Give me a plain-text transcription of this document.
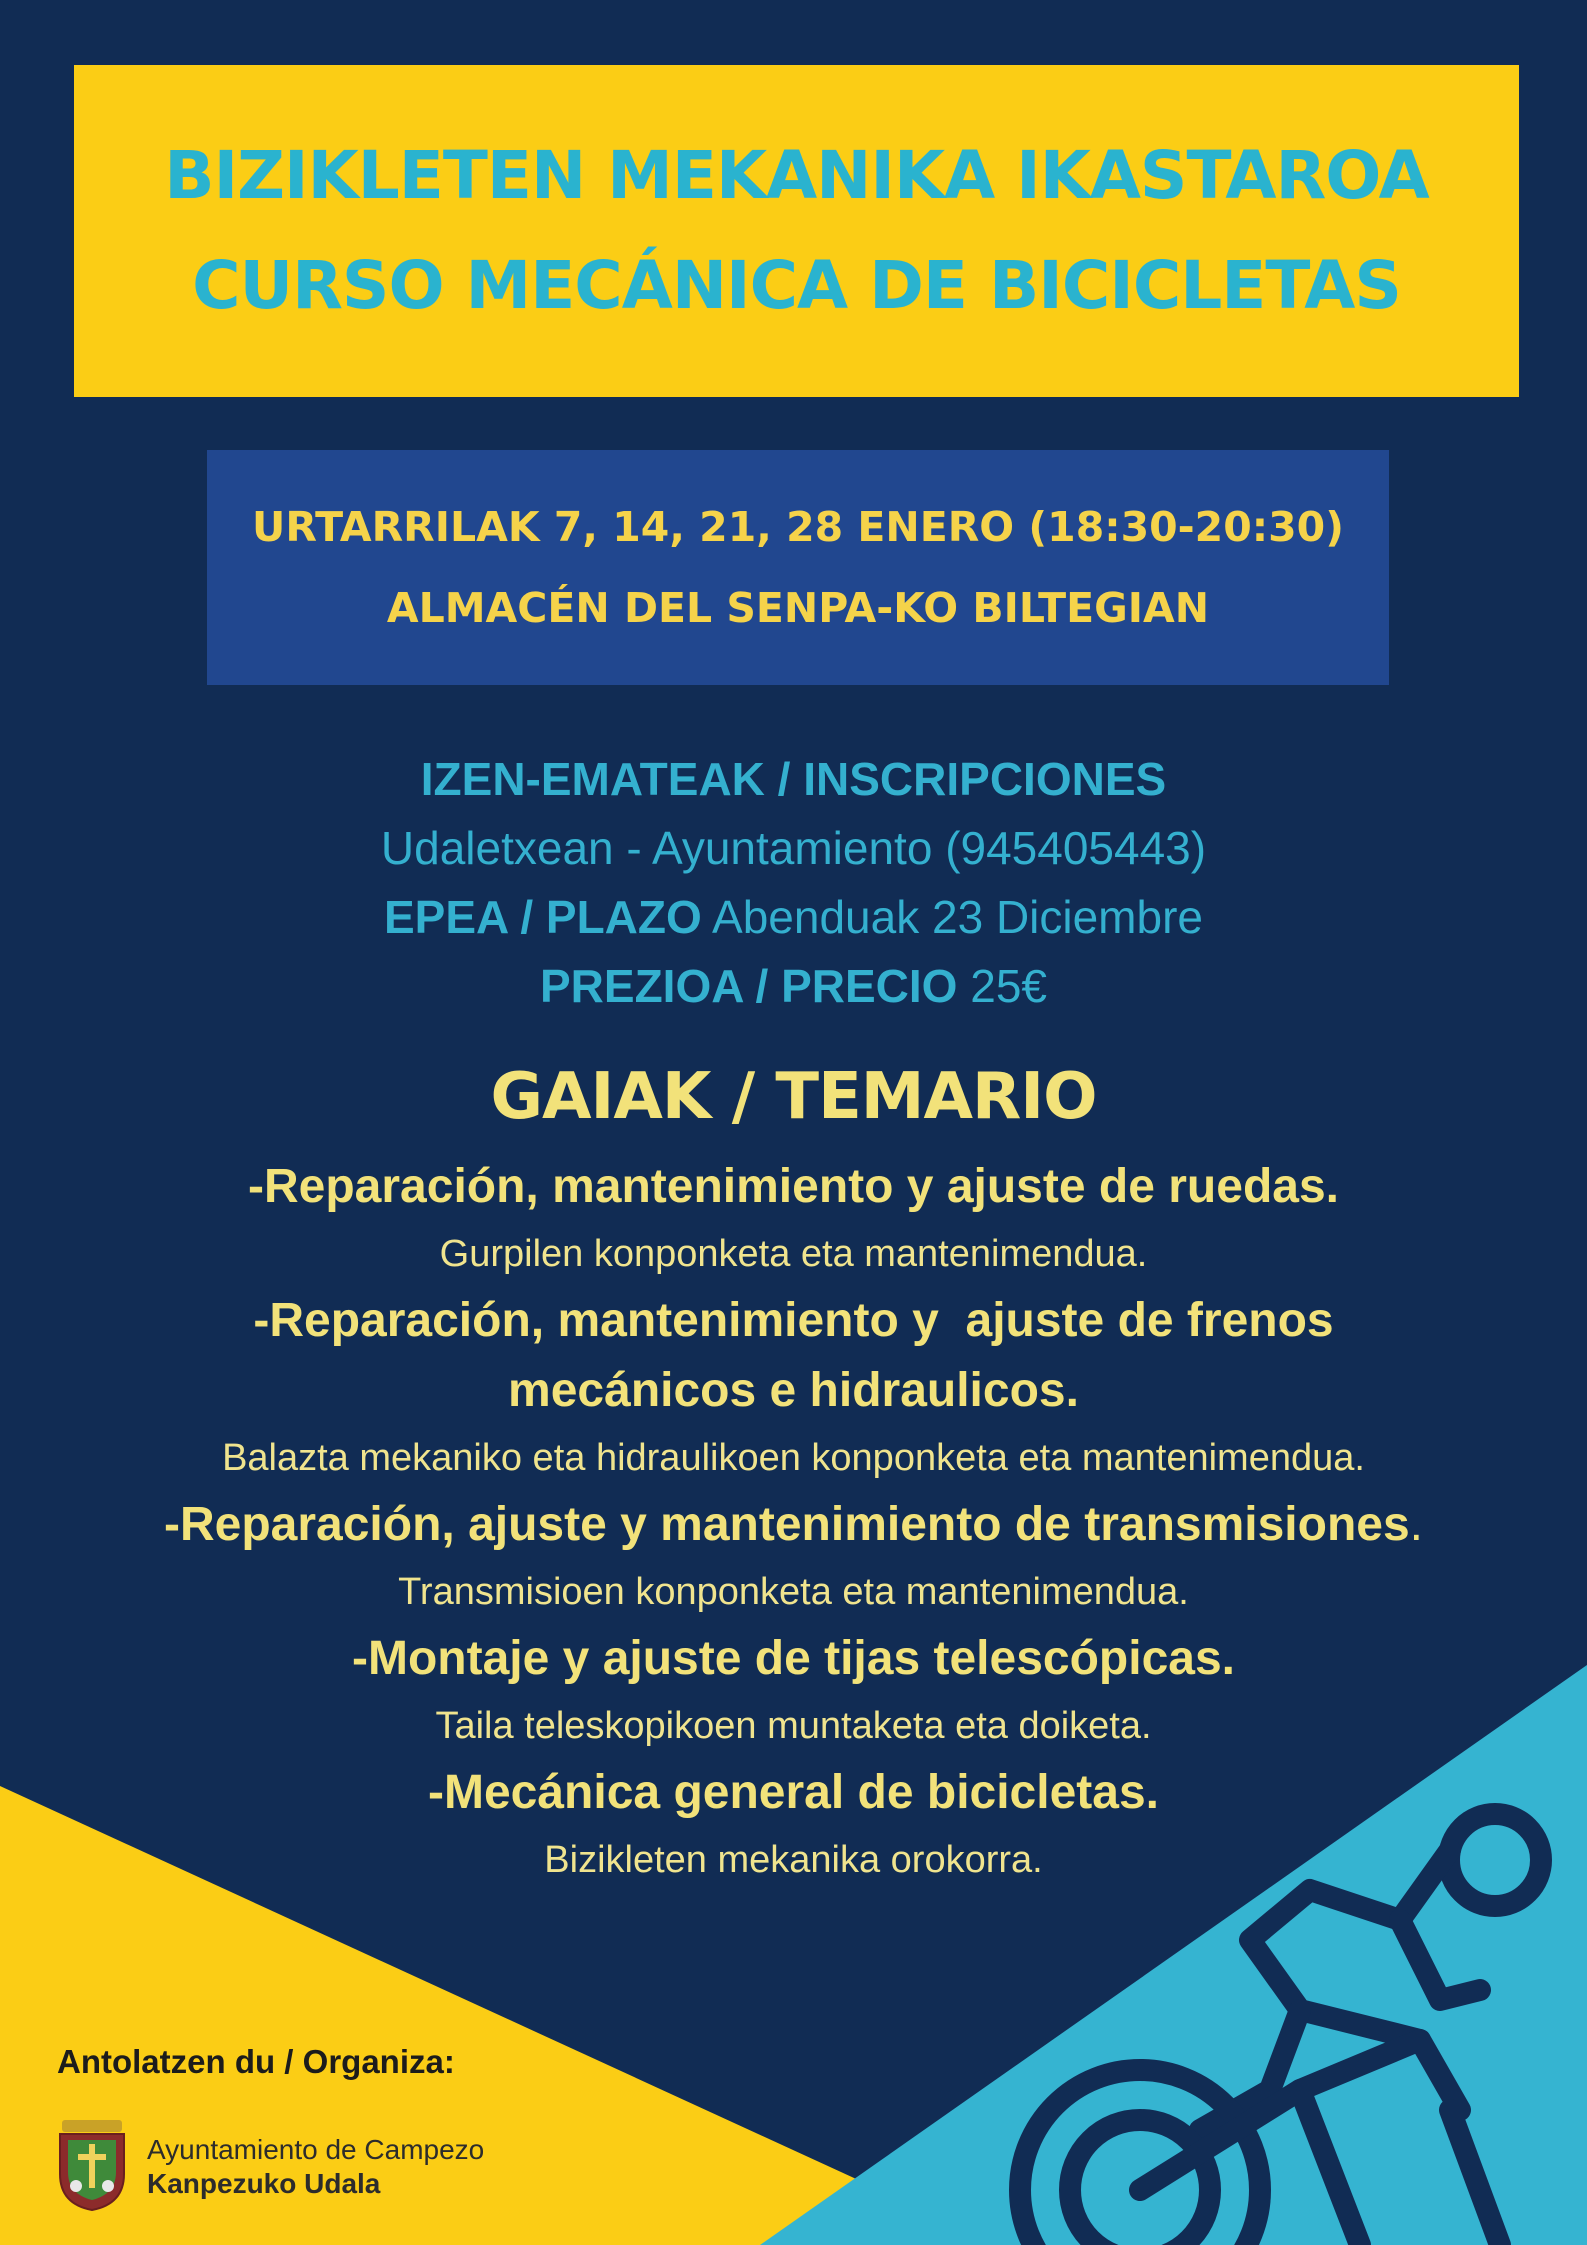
BIZIKLETEN MEKANIKA IKASTAROA
CURSO MECÁNICA DE BICICLETAS
URTARRILAK 7, 14, 21, 28 ENERO (18:30-20:30)
ALMACÉN DEL SENPA-KO BILTEGIAN
IZEN-EMATEAK / INSCRIPCIONES
Udaletxean - Ayuntamiento (945405443)
EPEA / PLAZO Abenduak 23 Diciembre
PREZIOA / PRECIO 25€
GAIAK / TEMARIO
-Reparación, mantenimiento y ajuste de ruedas.
Gurpilen konponketa eta mantenimendua.
-Reparación, mantenimiento y  ajuste de frenos
mecánicos e hidraulicos.
Balazta mekaniko eta hidraulikoen konponketa eta mantenimendua.
-Reparación, ajuste y mantenimiento de transmisiones.
Transmisioen konponketa eta mantenimendua.
-Montaje y ajuste de tijas telescópicas.
Taila teleskopikoen muntaketa eta doiketa.
-Mecánica general de bicicletas.
Bizikleten mekanika orokorra.
Antolatzen du / Organiza:
Ayuntamiento de Campezo
Kanpezuko Udala
